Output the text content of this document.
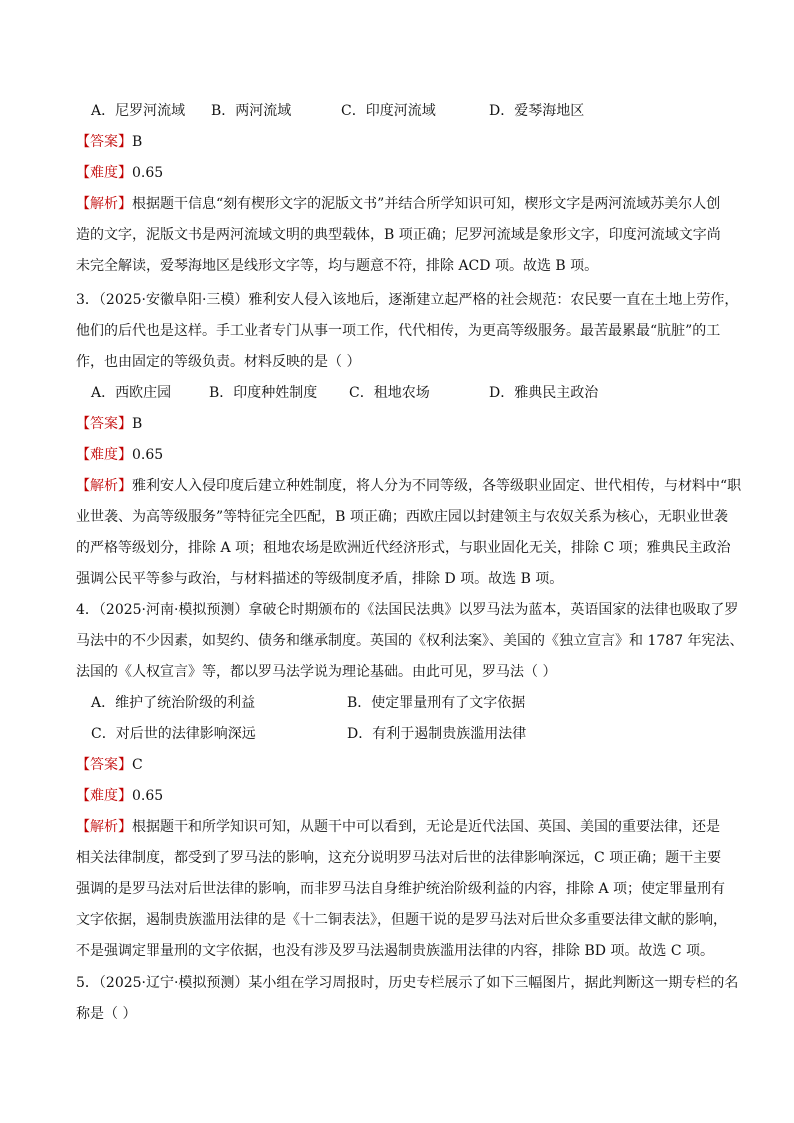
A．尼罗河流域	B．两河流域	C．印度河流域	D．爱琴海地区
【答案】B
【难度】0.65
【解析】根据题干信息“刻有楔形文字的泥版文书”并结合所学知识可知，楔形文字是两河流域苏美尔人创
造的文字，泥版文书是两河流域文明的典型载体，B 项正确；尼罗河流域是象形文字，印度河流域文字尚
未完全解读，爱琴海地区是线形文字等，均与题意不符，排除 ACD 项。故选 B 项。
3．（2025·安徽阜阳·三模）雅利安人侵入该地后，逐渐建立起严格的社会规范：农民要一直在土地上劳作，
他们的后代也是这样。手工业者专门从事一项工作，代代相传，为更高等级服务。最苦最累最“肮脏”的工
作，也由固定的等级负责。材料反映的是（ ）
A．西欧庄园	B．印度种姓制度	C．租地农场	D．雅典民主政治
【答案】B
【难度】0.65
【解析】雅利安人入侵印度后建立种姓制度，将人分为不同等级，各等级职业固定、世代相传，与材料中“职
业世袭、为高等级服务”等特征完全匹配，B 项正确；西欧庄园以封建领主与农奴关系为核心，无职业世袭
的严格等级划分，排除 A 项；租地农场是欧洲近代经济形式，与职业固化无关，排除 C 项；雅典民主政治
强调公民平等参与政治，与材料描述的等级制度矛盾，排除 D 项。故选 B 项。
4．（2025·河南·模拟预测）拿破仑时期颁布的《法国民法典》以罗马法为蓝本，英语国家的法律也吸取了罗
马法中的不少因素，如契约、债务和继承制度。英国的《权利法案》、美国的《独立宣言》和 1787 年宪法、
法国的《人权宣言》等，都以罗马法学说为理论基础。由此可见，罗马法（ ）
A．维护了统治阶级的利益	B．使定罪量刑有了文字依据
C．对后世的法律影响深远	D．有利于遏制贵族滥用法律
【答案】C
【难度】0.65
【解析】根据题干和所学知识可知，从题干中可以看到，无论是近代法国、英国、美国的重要法律，还是
相关法律制度，都受到了罗马法的影响，这充分说明罗马法对后世的法律影响深远，C 项正确；题干主要
强调的是罗马法对后世法律的影响，而非罗马法自身维护统治阶级利益的内容，排除 A 项；使定罪量刑有
文字依据，遏制贵族滥用法律的是《十二铜表法》，但题干说的是罗马法对后世众多重要法律文献的影响，
不是强调定罪量刑的文字依据，也没有涉及罗马法遏制贵族滥用法律的内容，排除 BD 项。故选 C 项。
5．（2025·辽宁·模拟预测）某小组在学习周报时，历史专栏展示了如下三幅图片，据此判断这一期专栏的名
称是（ ）
